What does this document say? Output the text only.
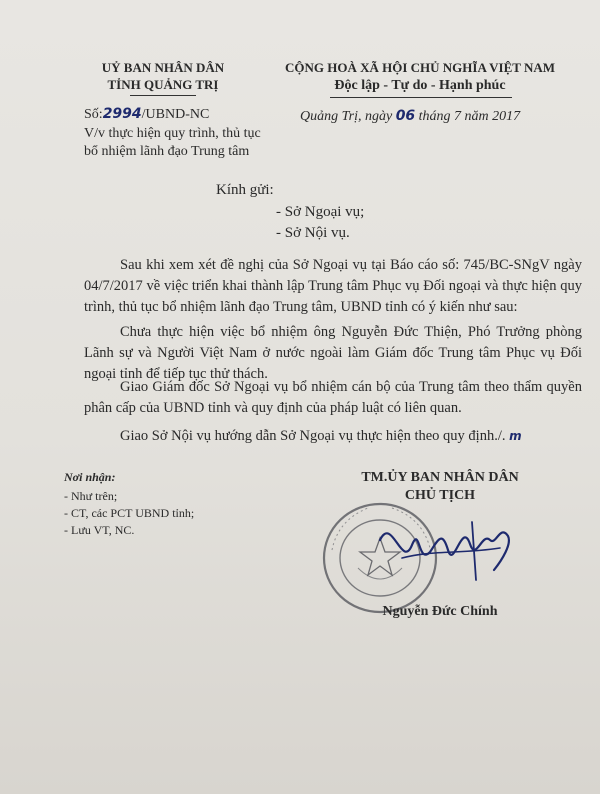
UỶ BAN NHÂN DÂN
TỈNH QUẢNG TRỊ
CỘNG HOÀ XÃ HỘI CHỦ NGHĨA VIỆT NAM
Độc lập - Tự do - Hạnh phúc
Số:2994/UBND-NC	Quảng Trị, ngày 06 tháng 7 năm 2017
V/v thực hiện quy trình, thủ tục
bổ nhiệm lãnh đạo Trung tâm
Kính gửi:
- Sở Ngoại vụ;
- Sở Nội vụ.
Sau khi xem xét đề nghị của Sở Ngoại vụ tại Báo cáo số: 745/BC-SNgV ngày 04/7/2017 về việc triển khai thành lập Trung tâm Phục vụ Đối ngoại và thực hiện quy trình, thủ tục bổ nhiệm lãnh đạo Trung tâm, UBND tỉnh có ý kiến như sau:
Chưa thực hiện việc bổ nhiệm ông Nguyễn Đức Thiện, Phó Trưởng phòng Lãnh sự và Người Việt Nam ở nước ngoài làm Giám đốc Trung tâm Phục vụ Đối ngoại tỉnh để tiếp tục thử thách.
Giao Giám đốc Sở Ngoại vụ bổ nhiệm cán bộ của Trung tâm theo thẩm quyền phân cấp của UBND tỉnh và quy định của pháp luật có liên quan.
Giao Sở Nội vụ hướng dẫn Sở Ngoại vụ thực hiện theo quy định./. m
Nơi nhận:
- Như trên;
- CT, các PCT UBND tỉnh;
- Lưu VT, NC.
TM.ỦY BAN NHÂN DÂN
CHỦ TỊCH
Nguyễn Đức Chính
